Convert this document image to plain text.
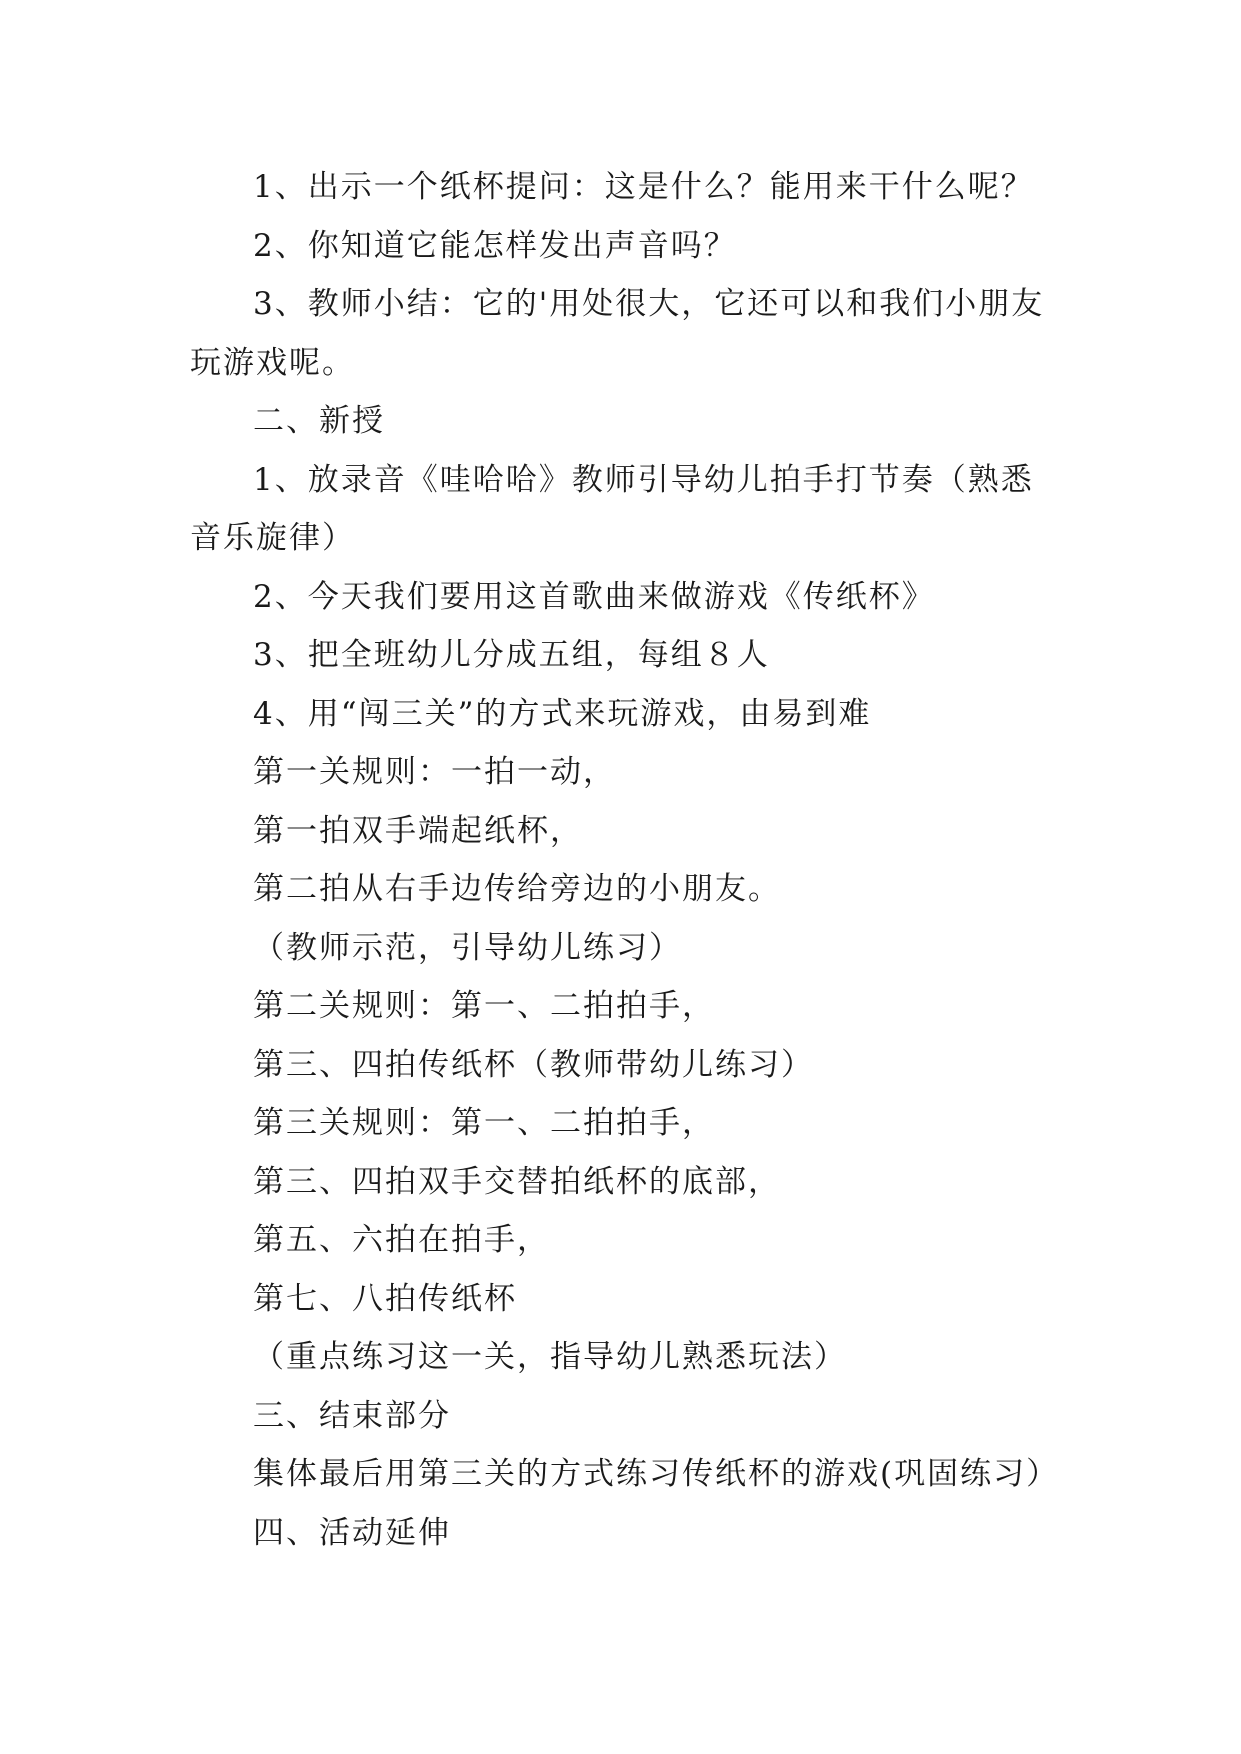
1、出示一个纸杯提问：这是什么？能用来干什么呢？

2、你知道它能怎样发出声音吗？

3、教师小结：它的'用处很大，它还可以和我们小朋友玩游戏呢。

二、新授

1、放录音《哇哈哈》教师引导幼儿拍手打节奏（熟悉音乐旋律）

2、今天我们要用这首歌曲来做游戏《传纸杯》

3、把全班幼儿分成五组，每组８人

4、用“闯三关”的方式来玩游戏，由易到难

第一关规则：一拍一动，

第一拍双手端起纸杯，

第二拍从右手边传给旁边的小朋友。

（教师示范，引导幼儿练习）

第二关规则：第一、二拍拍手，

第三、四拍传纸杯（教师带幼儿练习）

第三关规则：第一、二拍拍手，

第三、四拍双手交替拍纸杯的底部，

第五、六拍在拍手，

第七、八拍传纸杯

（重点练习这一关，指导幼儿熟悉玩法）

三、结束部分

集体最后用第三关的方式练习传纸杯的游戏(巩固练习）

四、活动延伸
